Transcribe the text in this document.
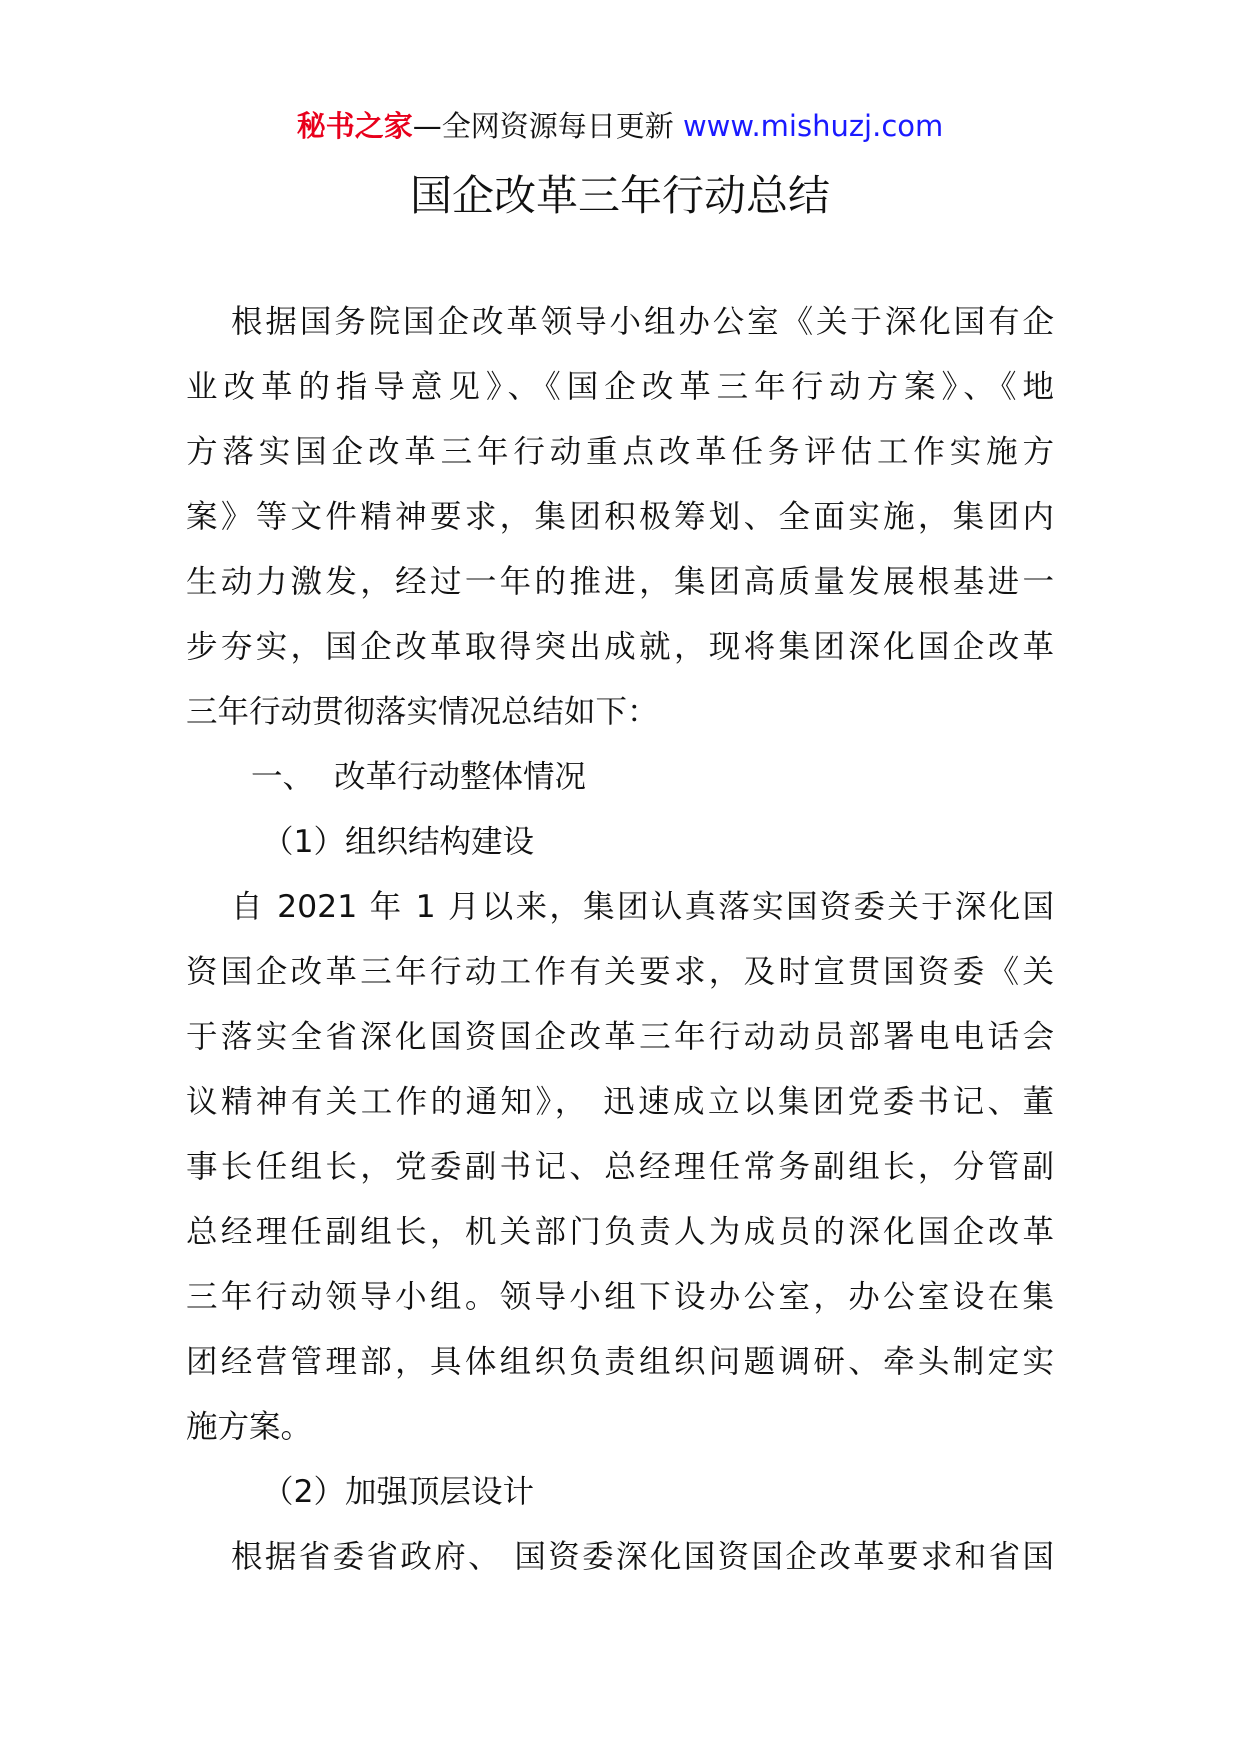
秘书之家—全网资源每日更新 www.mishuzj.com
国企改革三年行动总结
根据国务院国企改革领导小组办公室《关于深化国有企
业改革的指导意见》、《国企改革三年行动方案》、《地
方落实国企改革三年行动重点改革任务评估工作实施方
案》等文件精神要求，集团积极筹划、全面实施，集团内
生动力激发，经过一年的推进，集团高质量发展根基进一
步夯实，国企改革取得突出成就，现将集团深化国企改革
三年行动贯彻落实情况总结如下：
一、  改革行动整体情况
（1）组织结构建设
自 2021 年 1 月以来，集团认真落实国资委关于深化国
资国企改革三年行动工作有关要求，及时宣贯国资委《关
于落实全省深化国资国企改革三年行动动员部署电电话会
议精神有关工作的通知》， 迅速成立以集团党委书记、董
事长任组长，党委副书记、总经理任常务副组长，分管副
总经理任副组长，机关部门负责人为成员的深化国企改革
三年行动领导小组。领导小组下设办公室，办公室设在集
团经营管理部，具体组织负责组织问题调研、牵头制定实
施方案。
（2）加强顶层设计
根据省委省政府、 国资委深化国资国企改革要求和省国
